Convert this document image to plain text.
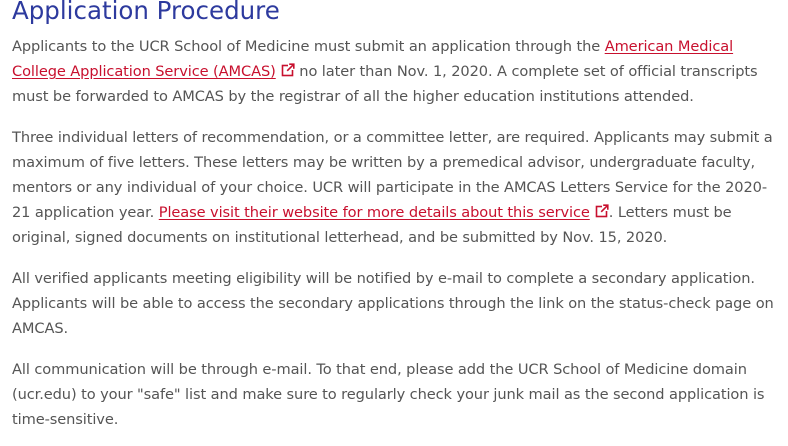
Application Procedure

Applicants to the UCR School of Medicine must submit an application through the American Medical College Application Service (AMCAS)
no later than Nov. 1, 2020. A complete set of official transcripts must be forwarded to AMCAS by the registrar of all the higher education institutions attended.

Three individual letters of recommendation, or a committee letter, are required. Applicants may submit a maximum of five letters. These letters may be written by a premedical advisor, undergraduate faculty, mentors or any individual of your choice. UCR will participate in the AMCAS Letters Service for the 2020-21 application year. Please visit their website for more details about this service . Letters must be original, signed documents on institutional letterhead, and be submitted by Nov. 15, 2020.

All verified applicants meeting eligibility will be notified by e-mail to complete a secondary application. Applicants will be able to access the secondary applications through the link on the status-check page on AMCAS.

All communication will be through e-mail. To that end, please add the UCR School of Medicine domain (ucr.edu) to your "safe" list and make sure to regularly check your junk mail as the second application is time-sensitive.
